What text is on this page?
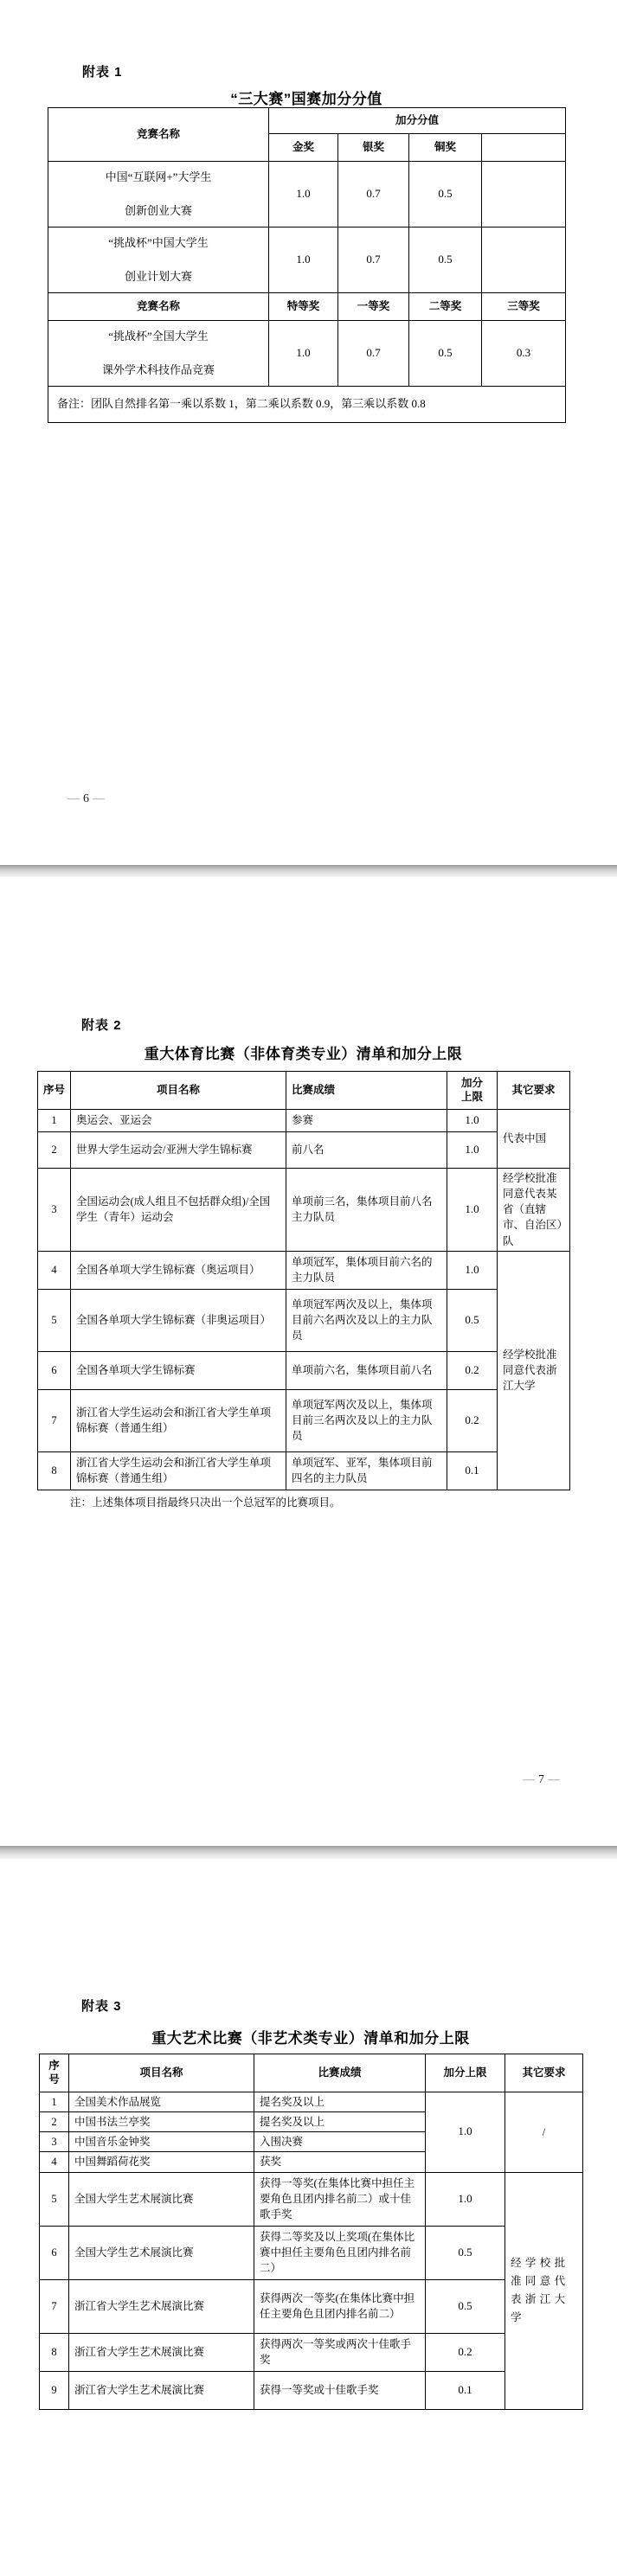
附表 1
“三大赛”国赛加分分值
竞赛名称	加分分值			
	金奖	银奖	铜奖	

中国“互联网+”大学生
创新创业大赛	1.0	0.7	0.5	

“挑战杯”中国大学生
创业计划大赛	1.0	0.7	0.5	
竞赛名称	特等奖	一等奖	二等奖	三等奖

“挑战杯”全国大学生
课外学术科技作品竞赛	1.0	0.7	0.5	0.3
备注：团队自然排名第一乘以系数 1，第二乘以系数 0.9，第三乘以系数 0.8				
— 6 —
附表 2
重大体育比赛（非体育类专业）清单和加分上限
序号	项目名称	比赛成绩	加分上限	其它要求
1	奥运会、亚运会	参赛	1.0	代表中国
2	世界大学生运动会/亚洲大学生锦标赛	前八名	1.0	
3	全国运动会(成人组且不包括群众组)/全国学生（青年）运动会	单项前三名，集体项目前八名主力队员	1.0	经学校批准同意代表某省（直辖市、自治区）队
4	全国各单项大学生锦标赛（奥运项目）	单项冠军，集体项目前六名的主力队员	1.0	经学校批准同意代表浙江大学
5	全国各单项大学生锦标赛（非奥运项目）	单项冠军两次及以上，集体项目前六名两次及以上的主力队员	0.5	
6	全国各单项大学生锦标赛	单项前六名，集体项目前八名	0.2	
7	浙江省大学生运动会和浙江省大学生单项锦标赛（普通生组）	单项冠军两次及以上，集体项目前三名两次及以上的主力队员	0.2	
8	浙江省大学生运动会和浙江省大学生单项锦标赛（普通生组）	单项冠军、亚军，集体项目前四名的主力队员	0.1	
注：上述集体项目指最终只决出一个总冠军的比赛项目。
— 7 —
附表 3
重大艺术比赛（非艺术类专业）清单和加分上限
序号	项目名称	比赛成绩	加分上限	其它要求
1	全国美术作品展览	提名奖及以上	1.0	/
2	中国书法兰亭奖	提名奖及以上		
3	中国音乐金钟奖	入围决赛		
4	中国舞蹈荷花奖	获奖		
5	全国大学生艺术展演比赛	获得一等奖(在集体比赛中担任主要角色且团内排名前二）或十佳歌手奖	1.0	经学校批准同意代表浙江大学
6	全国大学生艺术展演比赛	获得二等奖及以上奖项(在集体比赛中担任主要角色且团内排名前二）	0.5	
7	浙江省大学生艺术展演比赛	获得两次一等奖(在集体比赛中担任主要角色且团内排名前二）	0.5	
8	浙江省大学生艺术展演比赛	获得两次一等奖或两次十佳歌手奖	0.2	
9	浙江省大学生艺术展演比赛	获得一等奖或十佳歌手奖	0.1	
